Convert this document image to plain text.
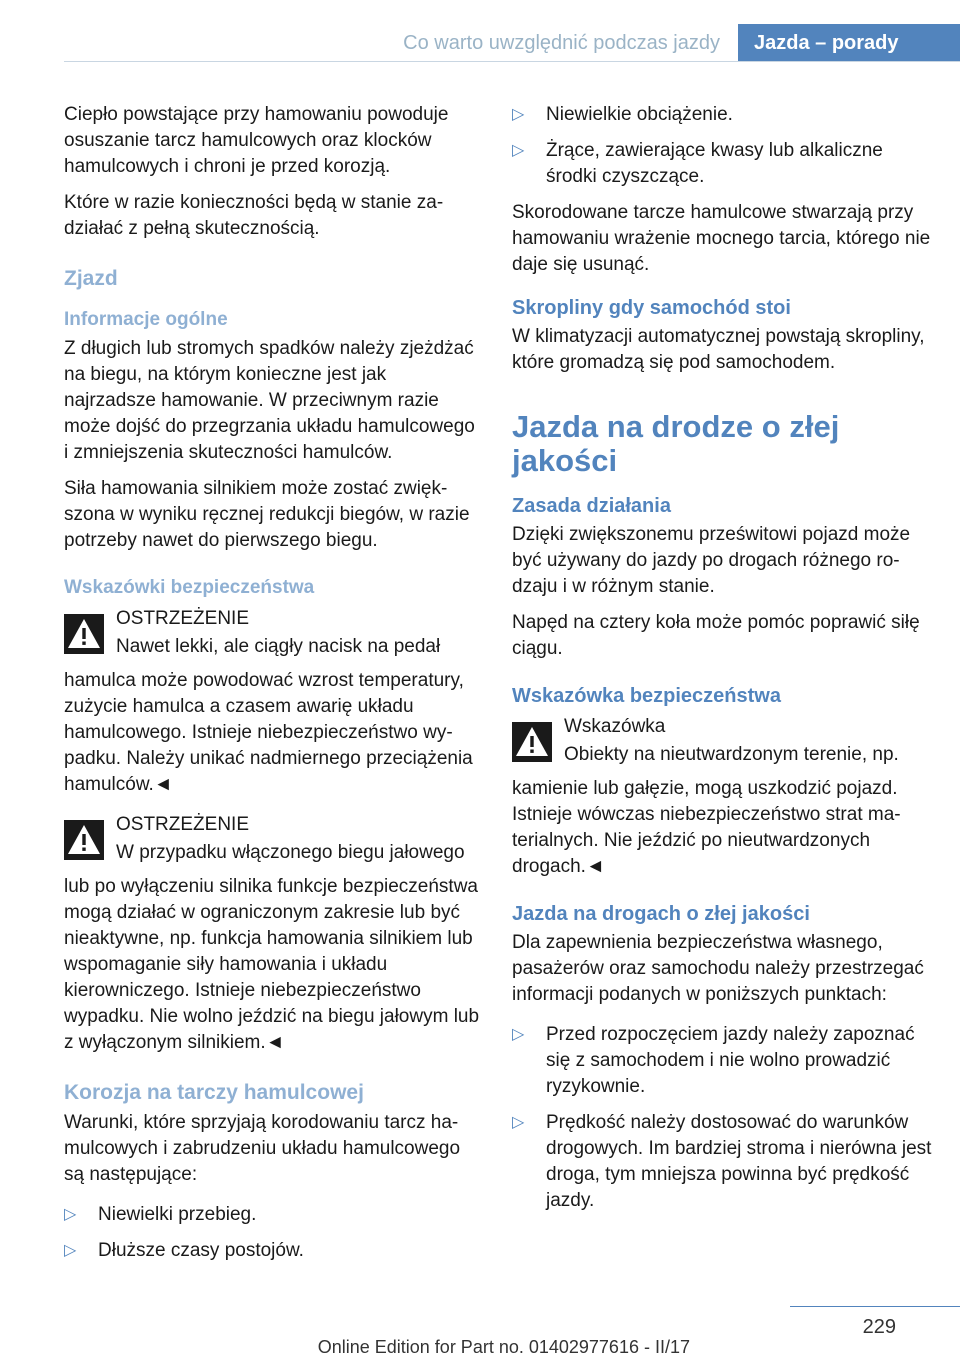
Co warto uwzględnić podczas jazdy	Jazda – porady

Ciepło powstające przy hamowaniu powoduje osuszanie tarcz hamulcowych oraz klocków hamulcowych i chroni je przed korozją.

Które w razie konieczności będą w stanie zadziałać z pełną skutecznością.

Zjazd
Informacje ogólne

Z długich lub stromych spadków należy zjeżdżać na biegu, na którym konieczne jest jak najrzadsze hamowanie. W przeciwnym razie może dojść do przegrzania układu hamulcowego i zmniejszenia skuteczności hamulców.

Siła hamowania silnikiem może zostać zwiększona w wyniku ręcznej redukcji biegów, w razie potrzeby nawet do pierwszego biegu.

Wskazówki bezpieczeństwa
OSTRZEŻENIE
Nawet lekki, ale ciągły nacisk na pedał

hamulca może powodować wzrost temperatury, zużycie hamulca a czasem awarię układu hamulcowego. Istnieje niebezpieczeństwo wypadku. Należy unikać nadmiernego przeciążenia hamulców.◄

OSTRZEŻENIE
W przypadku włączonego biegu jałowego

lub po wyłączeniu silnika funkcje bezpieczeństwa mogą działać w ograniczonym zakresie lub być nieaktywne, np. funkcja hamowania silnikiem lub wspomaganie siły hamowania i układu kierowniczego. Istnieje niebezpieczeństwo wypadku. Nie wolno jeździć na biegu jałowym lub z wyłączonym silnikiem.◄

Korozja na tarczy hamulcowej

Warunki, które sprzyjają korodowaniu tarcz hamulcowych i zabrudzeniu układu hamulcowego są następujące:

▷ Niewielki przebieg.
▷ Dłuższe czasy postojów.
▷ Niewielkie obciążenie.
▷ Żrące, zawierające kwasy lub alkaliczne środki czyszczące.

Skorodowane tarcze hamulcowe stwarzają przy hamowaniu wrażenie mocnego tarcia, którego nie daje się usunąć.

Skropliny gdy samochód stoi

W klimatyzacji automatycznej powstają skropliny, które gromadzą się pod samochodem.

Jazda na drodze o złej jakości
Zasada działania

Dzięki zwiększonemu prześwitowi pojazd może być używany do jazdy po drogach różnego rodzaju i w różnym stanie.

Napęd na cztery koła może pomóc poprawić siłę ciągu.

Wskazówka bezpieczeństwa
Wskazówka
Obiekty na nieutwardzonym terenie, np.

kamienie lub gałęzie, mogą uszkodzić pojazd. Istnieje wówczas niebezpieczeństwo strat materialnych. Nie jeździć po nieutwardzonych drogach.◄

Jazda na drogach o złej jakości

Dla zapewnienia bezpieczeństwa własnego, pasażerów oraz samochodu należy przestrzegać informacji podanych w poniższych punktach:

▷ Przed rozpoczęciem jazdy należy zapoznać się z samochodem i nie wolno prowadzić ryzykownie.
▷ Prędkość należy dostosować do warunków drogowych. Im bardziej stroma i nierówna jest droga, tym mniejsza powinna być prędkość jazdy.
229
Online Edition for Part no. 01402977616 - II/17
